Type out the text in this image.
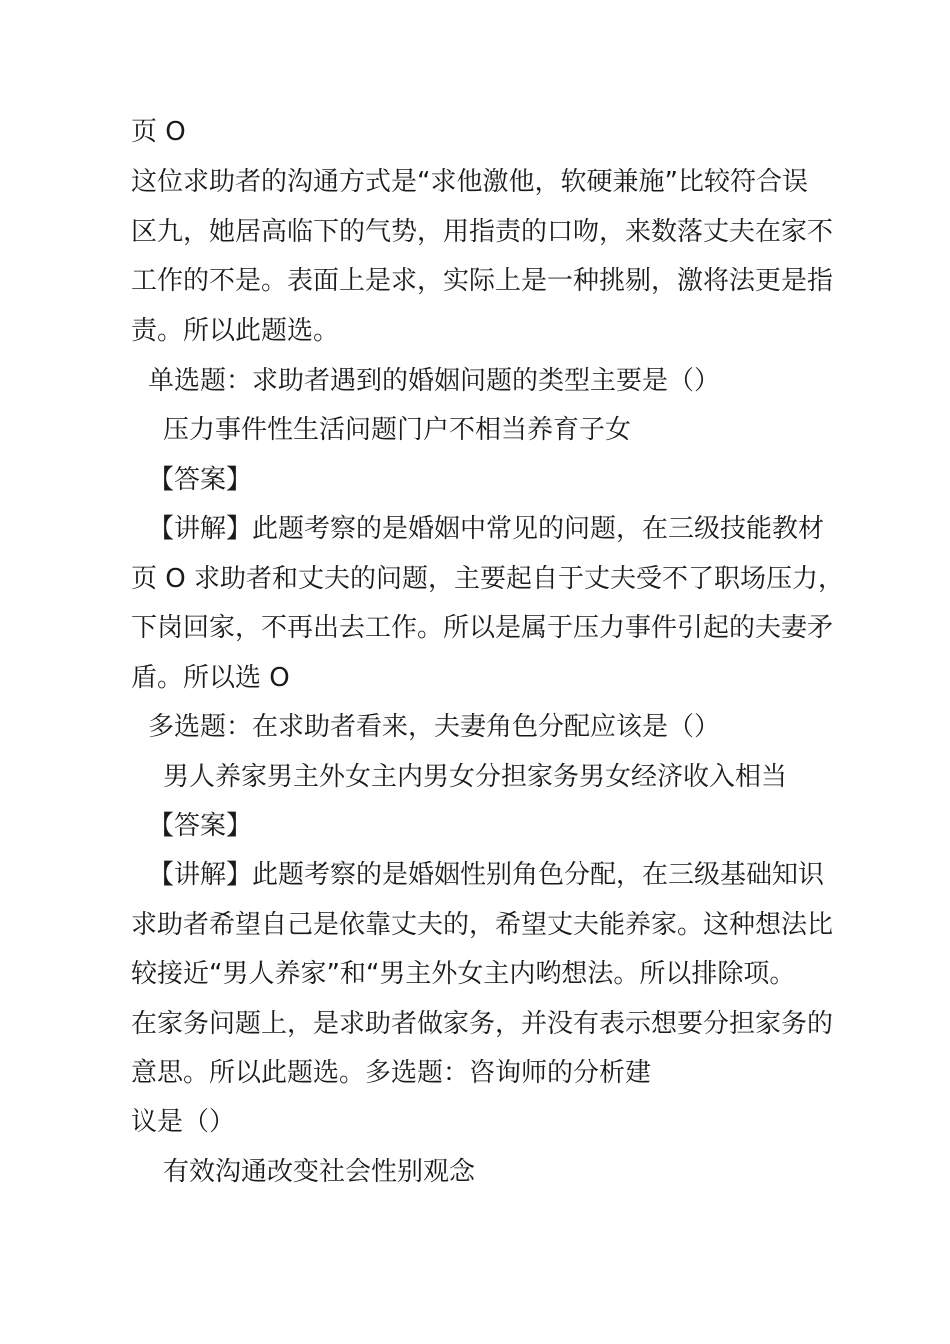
页 O
这位求助者的沟通方式是“求他激他，软硬兼施”比较符合误
区九，她居高临下的气势，用指责的口吻，来数落丈夫在家不
工作的不是。表面上是求，实际上是一种挑剔，激将法更是指
责。所以此题选。
单选题：求助者遇到的婚姻问题的类型主要是（）
压力事件性生活问题门户不相当养育子女
【答案】
【讲解】此题考察的是婚姻中常见的问题，在三级技能教材
页 O 求助者和丈夫的问题，主要起自于丈夫受不了职场压力，
下岗回家，不再出去工作。所以是属于压力事件引起的夫妻矛
盾。所以选 O
多选题：在求助者看来，夫妻角色分配应该是（）
男人养家男主外女主内男女分担家务男女经济收入相当
【答案】
【讲解】此题考察的是婚姻性别角色分配，在三级基础知识
求助者希望自己是依靠丈夫的，希望丈夫能养家。这种想法比
较接近“男人养家”和“男主外女主内哟想法。所以排除项。
在家务问题上，是求助者做家务，并没有表示想要分担家务的
意思。所以此题选。多选题：咨询师的分析建
议是（）
有效沟通改变社会性别观念
